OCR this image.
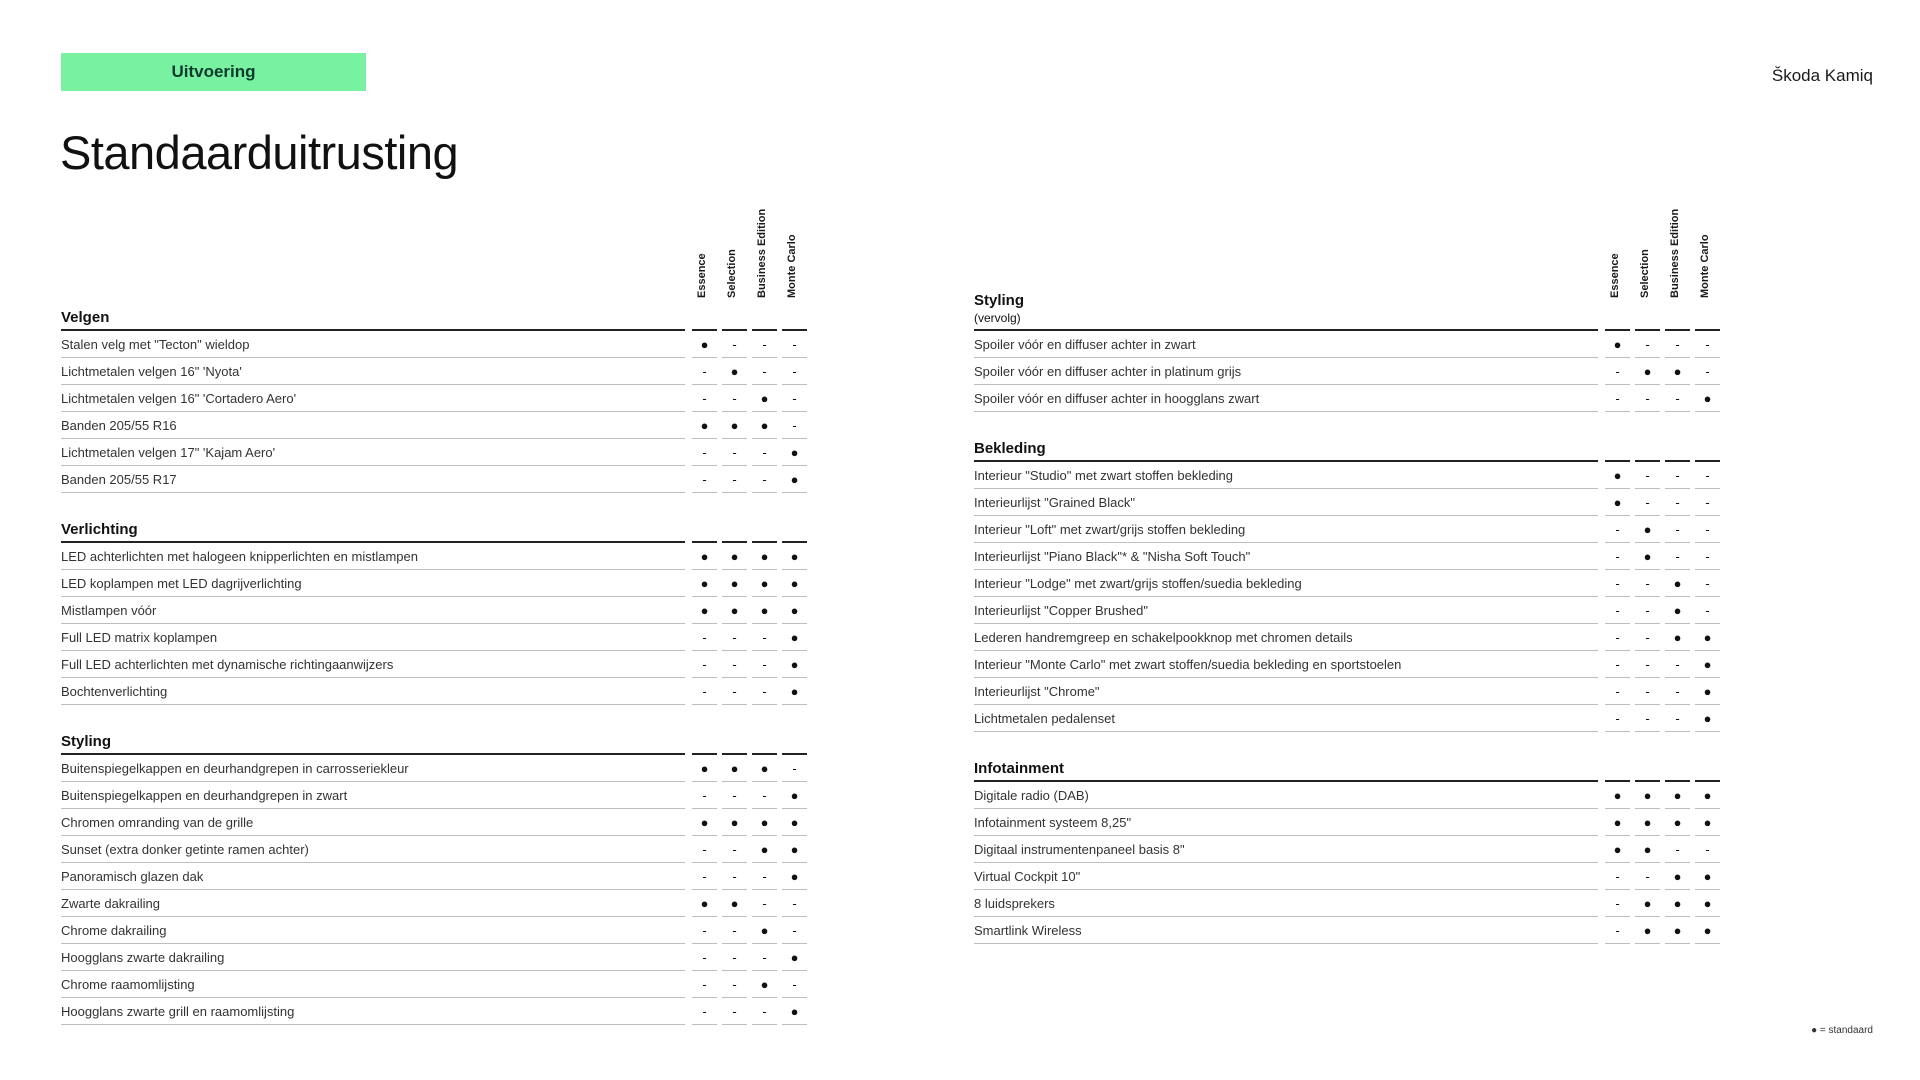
Uitvoering	Škoda Kamiq
Standaarduitrusting
Essence	Selection	Business Edition	Monte Carlo
Velgen
Stalen velg met "Tecton" wieldop	●	-	-	-
Lichtmetalen velgen 16" 'Nyota'	-	●	-	-
Lichtmetalen velgen 16" 'Cortadero Aero'	-	-	●	-
Banden 205/55 R16	●	●	●	-
Lichtmetalen velgen 17" 'Kajam Aero'	-	-	-	●
Banden 205/55 R17	-	-	-	●
Verlichting
LED achterlichten met halogeen knipperlichten en mistlampen	●	●	●	●
LED koplampen met LED dagrijverlichting	●	●	●	●
Mistlampen vóór	●	●	●	●
Full LED matrix koplampen	-	-	-	●
Full LED achterlichten met dynamische richtingaanwijzers	-	-	-	●
Bochtenverlichting	-	-	-	●
Styling
Buitenspiegelkappen en deurhandgrepen in carrosseriekleur	●	●	●	-
Buitenspiegelkappen en deurhandgrepen in zwart	-	-	-	●
Chromen omranding van de grille	●	●	●	●
Sunset (extra donker getinte ramen achter)	-	-	●	●
Panoramisch glazen dak	-	-	-	●
Zwarte dakrailing	●	●	-	-
Chrome dakrailing	-	-	●	-
Hoogglans zwarte dakrailing	-	-	-	●
Chrome raamomlijsting	-	-	●	-
Hoogglans zwarte grill en raamomlijsting	-	-	-	●
Essence	Selection	Business Edition	Monte Carlo
Styling (vervolg)
Spoiler vóór en diffuser achter in zwart	●	-	-	-
Spoiler vóór en diffuser achter in platinum grijs	-	●	●	-
Spoiler vóór en diffuser achter in hoogglans zwart	-	-	-	●
Bekleding
Interieur "Studio" met zwart stoffen bekleding	●	-	-	-
Interieurlijst "Grained Black"	●	-	-	-
Interieur "Loft" met zwart/grijs stoffen bekleding	-	●	-	-
Interieurlijst "Piano Black"* & "Nisha Soft Touch"	-	●	-	-
Interieur "Lodge" met zwart/grijs stoffen/suedia bekleding	-	-	●	-
Interieurlijst "Copper Brushed"	-	-	●	-
Lederen handremgreep en schakelpookknop met chromen details	-	-	●	●
Interieur "Monte Carlo" met zwart stoffen/suedia bekleding en sportstoelen	-	-	-	●
Interieurlijst "Chrome"	-	-	-	●
Lichtmetalen pedalenset	-	-	-	●
Infotainment
Digitale radio (DAB)	●	●	●	●
Infotainment systeem 8,25"	●	●	●	●
Digitaal instrumentenpaneel basis 8"	●	●	-	-
Virtual Cockpit 10"	-	-	●	●
8 luidsprekers	-	●	●	●
Smartlink Wireless	-	●	●	●
● = standaard
